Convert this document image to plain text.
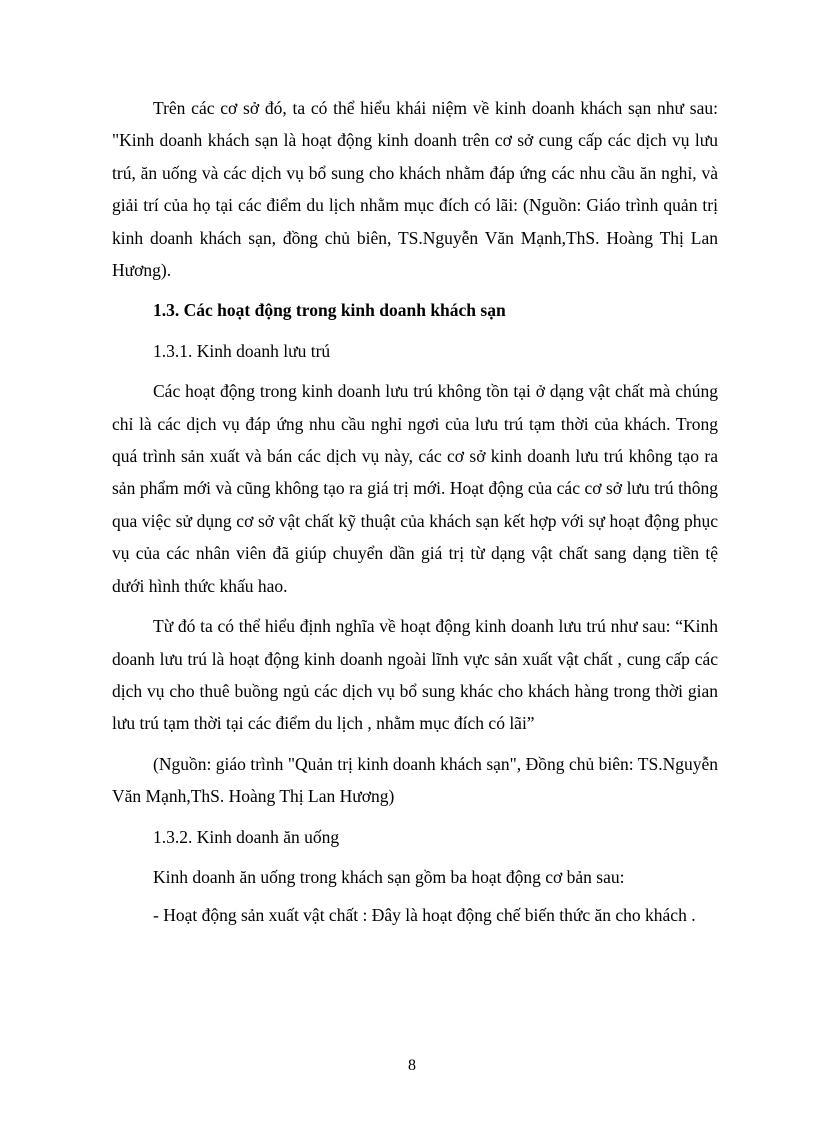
Trên các cơ sở đó, ta có thể hiểu khái niệm về kinh doanh khách sạn như sau: "Kinh doanh khách sạn là hoạt động kinh doanh trên cơ sở cung cấp các dịch vụ lưu trú, ăn uống và các dịch vụ bổ sung cho khách nhằm đáp ứng các nhu cầu ăn nghỉ, và giải trí của họ tại các điểm du lịch nhằm mục đích có lãi: (Nguồn: Giáo trình quản trị kinh doanh khách sạn, đồng chủ biên, TS.Nguyễn Văn Mạnh,ThS. Hoàng Thị Lan Hương).

1.3. Các hoạt động trong kinh doanh khách sạn

1.3.1. Kinh doanh lưu trú

Các hoạt động trong kinh doanh lưu trú không tồn tại ở dạng vật chất mà chúng chỉ là các dịch vụ đáp ứng nhu cầu nghỉ ngơi của lưu trú tạm thời của khách. Trong quá trình sản xuất và bán các dịch vụ này, các cơ sở kinh doanh lưu trú không tạo ra sản phẩm mới và cũng không tạo ra giá trị mới. Hoạt động của các cơ sở lưu trú thông qua việc sử dụng cơ sở vật chất kỹ thuật của khách sạn kết hợp với sự hoạt động phục vụ của các nhân viên đã giúp chuyển dần giá trị từ dạng vật chất sang dạng tiền tệ dưới hình thức khấu hao.

Từ đó ta có thể hiểu định nghĩa về hoạt động kinh doanh lưu trú như sau: “Kinh doanh lưu trú là hoạt động kinh doanh ngoài lĩnh vực sản xuất vật chất , cung cấp các dịch vụ cho thuê buồng ngủ các dịch vụ bổ sung khác cho khách hàng trong thời gian lưu trú tạm thời tại các điểm du lịch , nhằm mục đích có lãi”

(Nguồn: giáo trình "Quản trị kinh doanh khách sạn", Đồng chủ biên: TS.Nguyễn Văn Mạnh,ThS. Hoàng Thị Lan Hương)

1.3.2. Kinh doanh ăn uống

Kinh doanh ăn uống trong khách sạn gồm ba hoạt động cơ bản sau:

- Hoạt động sản xuất vật chất : Đây là hoạt động chế biến thức ăn cho khách .

8
